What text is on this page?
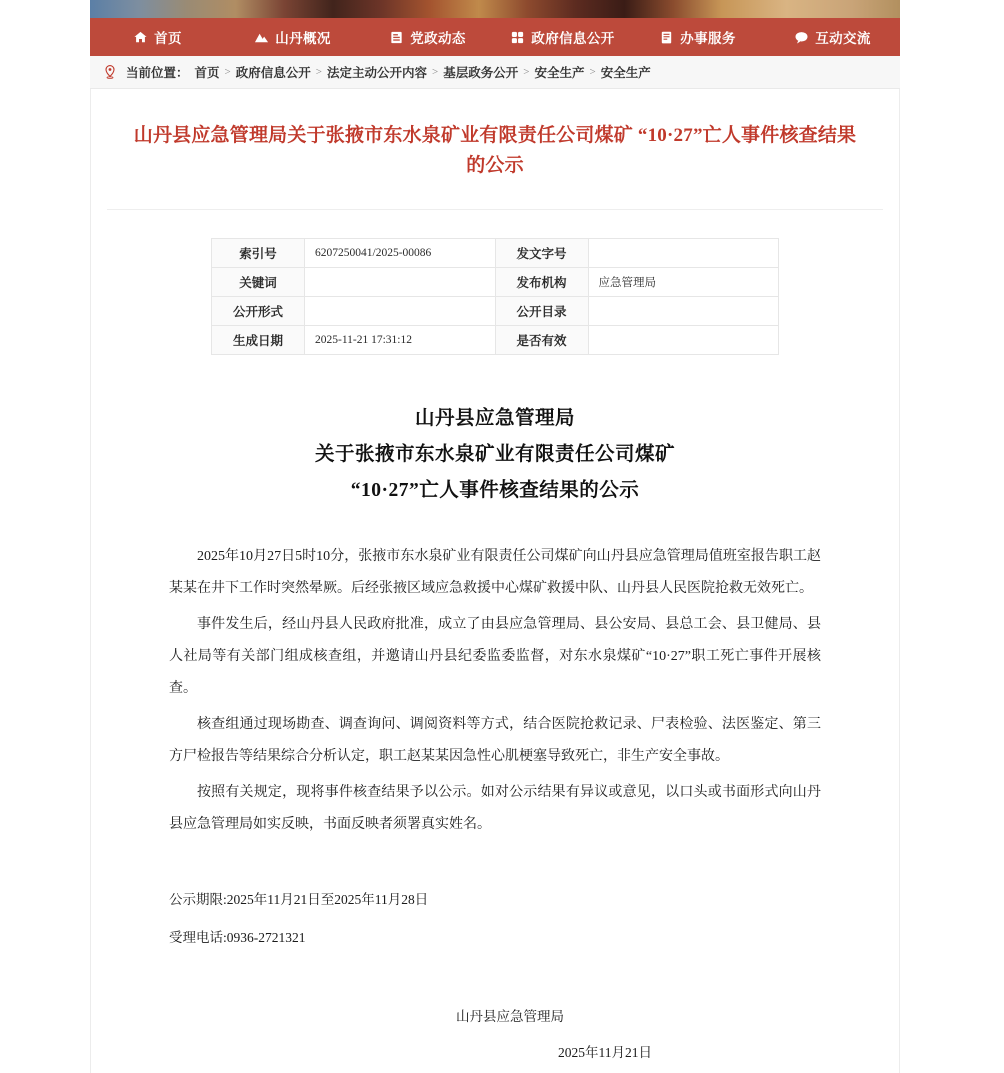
首页	山丹概况	党政动态	政府信息公开	办事服务	互动交流
当前位置： 首页 > 政府信息公开 > 法定主动公开内容 > 基层政务公开 > 安全生产 > 安全生产
山丹县应急管理局关于张掖市东水泉矿业有限责任公司煤矿 “10·27”亡人事件核查结果的公示
索引号	6207250041/2025-00086	发文字号	
关键词		发布机构	应急管理局
公开形式		公开目录	
生成日期	2025-11-21 17:31:12	是否有效	
山丹县应急管理局
关于张掖市东水泉矿业有限责任公司煤矿
“10·27”亡人事件核查结果的公示

2025年10月27日5时10分，张掖市东水泉矿业有限责任公司煤矿向山丹县应急管理局值班室报告职工赵某某在井下工作时突然晕厥。后经张掖区域应急救援中心煤矿救援中队、山丹县人民医院抢救无效死亡。

事件发生后，经山丹县人民政府批准，成立了由县应急管理局、县公安局、县总工会、县卫健局、县人社局等有关部门组成核查组，并邀请山丹县纪委监委监督，对东水泉煤矿“10·27”职工死亡事件开展核查。

核查组通过现场勘查、调查询问、调阅资料等方式，结合医院抢救记录、尸表检验、法医鉴定、第三方尸检报告等结果综合分析认定，职工赵某某因急性心肌梗塞导致死亡，非生产安全事故。

按照有关规定，现将事件核查结果予以公示。如对公示结果有异议或意见，以口头或书面形式向山丹县应急管理局如实反映，书面反映者须署真实姓名。

公示期限:2025年11月21日至2025年11月28日
受理电话:0936-2721321
山丹县应急管理局
2025年11月21日
